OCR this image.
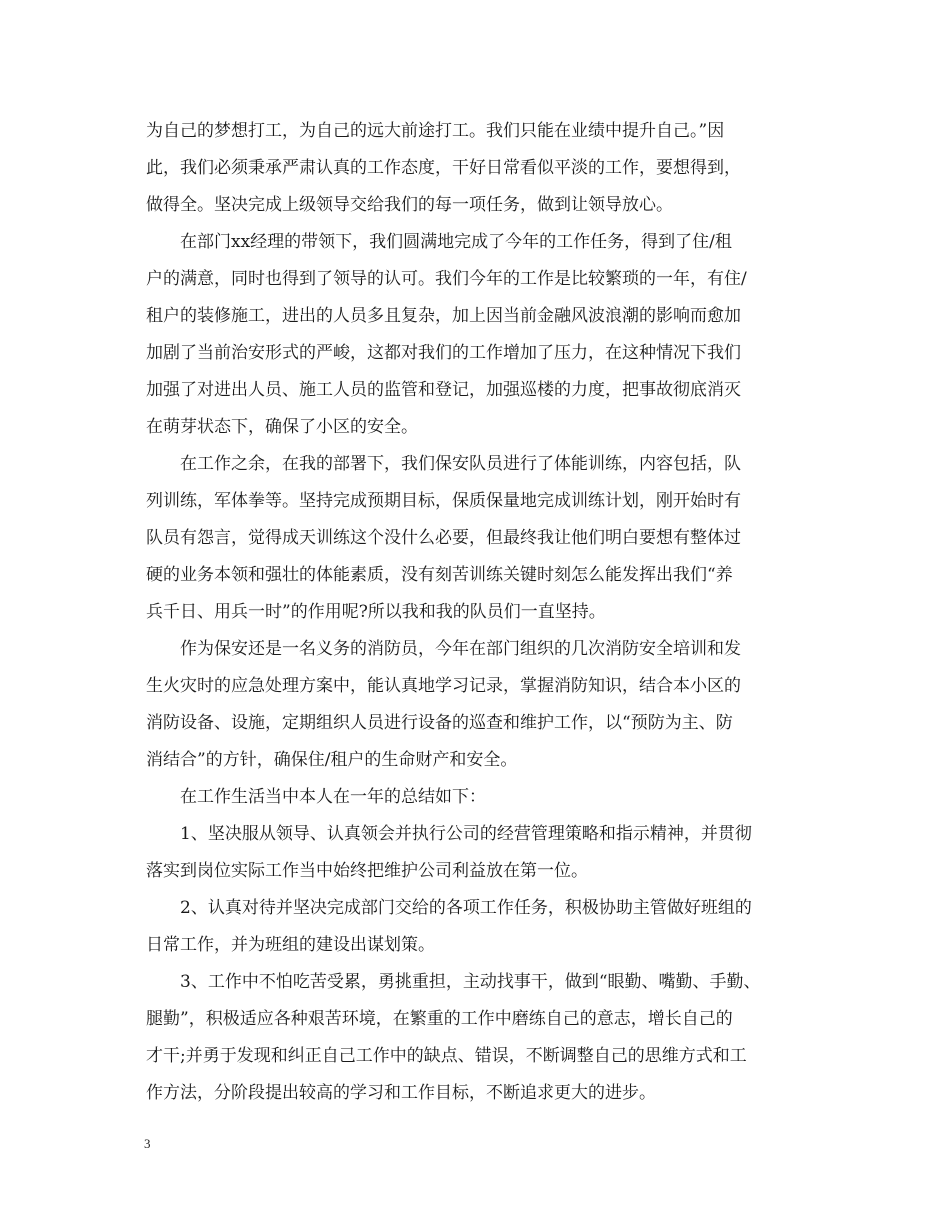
为自己的梦想打工，为自己的远大前途打工。我们只能在业绩中提升自己。”因
此，我们必须秉承严肃认真的工作态度，干好日常看似平淡的工作，要想得到，
做得全。坚决完成上级领导交给我们的每一项任务，做到让领导放心。
在部门xx经理的带领下，我们圆满地完成了今年的工作任务，得到了住/租
户的满意，同时也得到了领导的认可。我们今年的工作是比较繁琐的一年，有住/
租户的装修施工，进出的人员多且复杂，加上因当前金融风波浪潮的影响而愈加
加剧了当前治安形式的严峻，这都对我们的工作增加了压力，在这种情况下我们
加强了对进出人员、施工人员的监管和登记，加强巡楼的力度，把事故彻底消灭
在萌芽状态下，确保了小区的安全。
在工作之余，在我的部署下，我们保安队员进行了体能训练，内容包括，队
列训练，军体拳等。坚持完成预期目标，保质保量地完成训练计划，刚开始时有
队员有怨言，觉得成天训练这个没什么必要，但最终我让他们明白要想有整体过
硬的业务本领和强壮的体能素质，没有刻苦训练关键时刻怎么能发挥出我们“养
兵千日、用兵一时”的作用呢?所以我和我的队员们一直坚持。
作为保安还是一名义务的消防员，今年在部门组织的几次消防安全培训和发
生火灾时的应急处理方案中，能认真地学习记录，掌握消防知识，结合本小区的
消防设备、设施，定期组织人员进行设备的巡查和维护工作，以“预防为主、防
消结合”的方针，确保住/租户的生命财产和安全。
在工作生活当中本人在一年的总结如下：
1、坚决服从领导、认真领会并执行公司的经营管理策略和指示精神，并贯彻
落实到岗位实际工作当中始终把维护公司利益放在第一位。
2、认真对待并坚决完成部门交给的各项工作任务，积极协助主管做好班组的
日常工作，并为班组的建设出谋划策。
3、工作中不怕吃苦受累，勇挑重担，主动找事干，做到“眼勤、嘴勤、手勤、
腿勤”，积极适应各种艰苦环境，在繁重的工作中磨练自己的意志，增长自己的
才干;并勇于发现和纠正自己工作中的缺点、错误，不断调整自己的思维方式和工
作方法，分阶段提出较高的学习和工作目标，不断追求更大的进步。
3
